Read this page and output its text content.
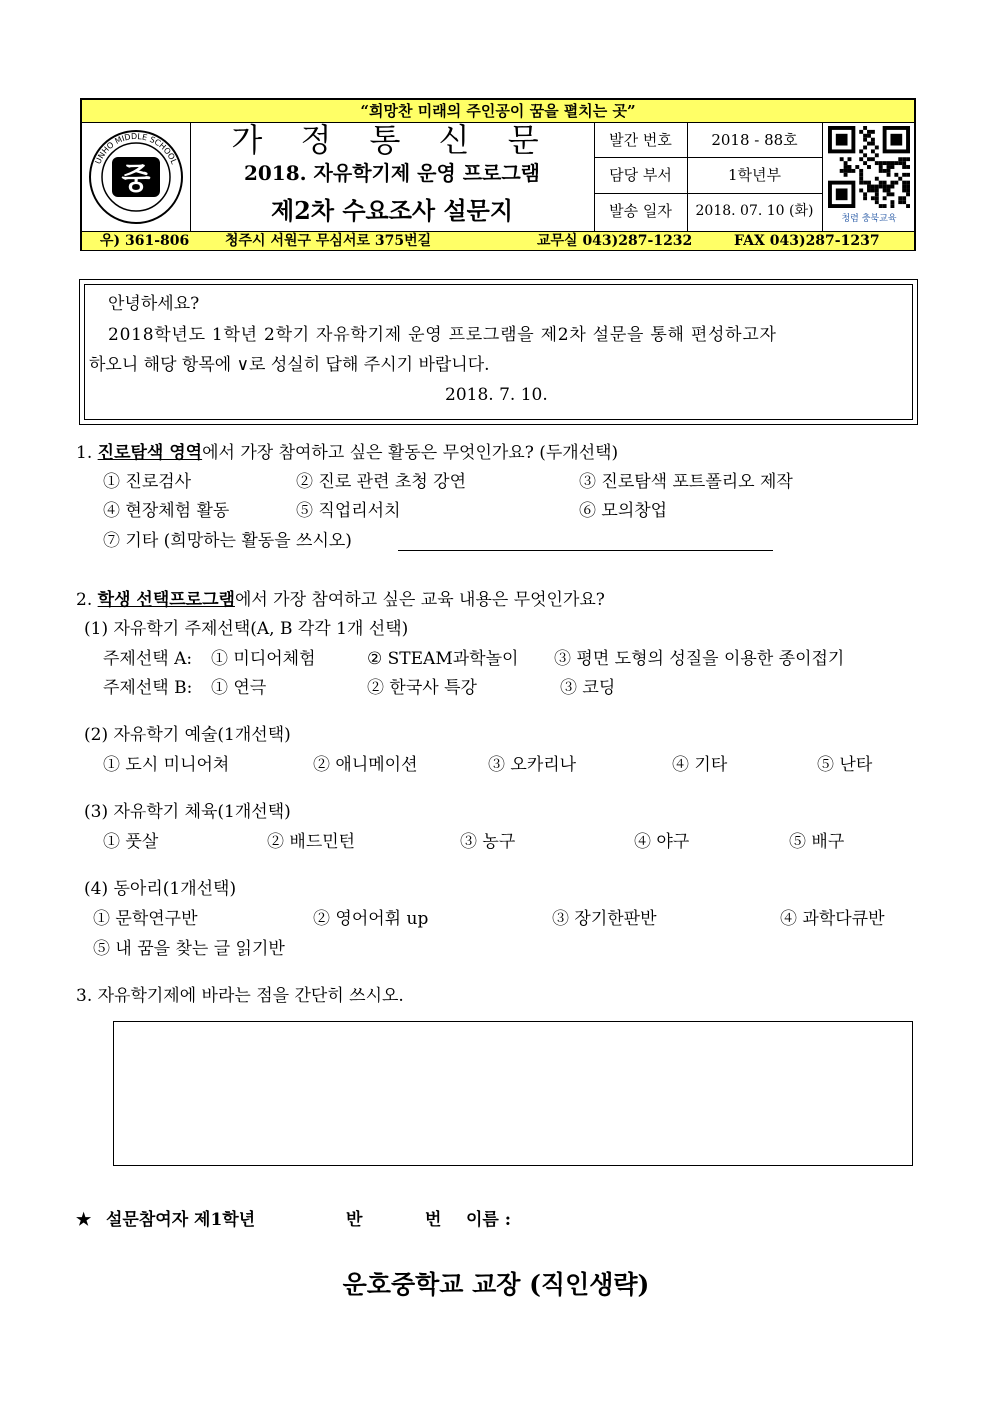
“희망찬 미래의 주인공이 꿈을 펼치는 곳”
UNHO MIDDLE SCHOOL
중
가 정 통 신 문
2018. 자유학기제 운영 프로그램
제2차 수요조사 설문지
발간 번호	2018 - 88호
담당 부서	1학년부
발송 일자	2018. 07. 10 (화)	청렴 충북교육
우) 361-806	청주시 서원구 무심서로 375번길	교무실 043)287-1232	FAX 043)287-1237
안녕하세요?
2018학년도 1학년 2학기 자유학기제 운영 프로그램을 제2차 설문을 통해 편성하고자
하오니 해당 항목에 ∨로 성실히 답해 주시기 바랍니다.
2018. 7. 10.
1. 진로탐색 영역에서 가장 참여하고 싶은 활동은 무엇인가요? (두개선택)
① 진로검사	② 진로 관련 초청 강연	③ 진로탐색 포트폴리오 제작
④ 현장체험 활동	⑤ 직업리서치	⑥ 모의창업
⑦ 기타 (희망하는 활동을 쓰시오)
2. 학생 선택프로그램에서 가장 참여하고 싶은 교육 내용은 무엇인가요?
(1) 자유학기 주제선택(A, B 각각 1개 선택)
주제선택 A: ① 미디어체험	② STEAM과학놀이 ③ 평면 도형의 성질을 이용한 종이접기
주제선택 B: ① 연극	② 한국사 특강	③ 코딩
(2) 자유학기 예술(1개선택)
① 도시 미니어쳐	② 애니메이션	③ 오카리나	④ 기타	⑤ 난타
(3) 자유학기 체육(1개선택)
① 풋살	② 배드민턴	③ 농구	④ 야구	⑤ 배구
(4) 동아리(1개선택)
① 문학연구반	② 영어어휘 up	③ 장기한판반	④ 과학다큐반
⑤ 내 꿈을 찾는 글 읽기반
3. 자유학기제에 바라는 점을 간단히 쓰시오.
★ 설문참여자 제1학년	반	번 이름 :
운호중학교 교장 (직인생략)
